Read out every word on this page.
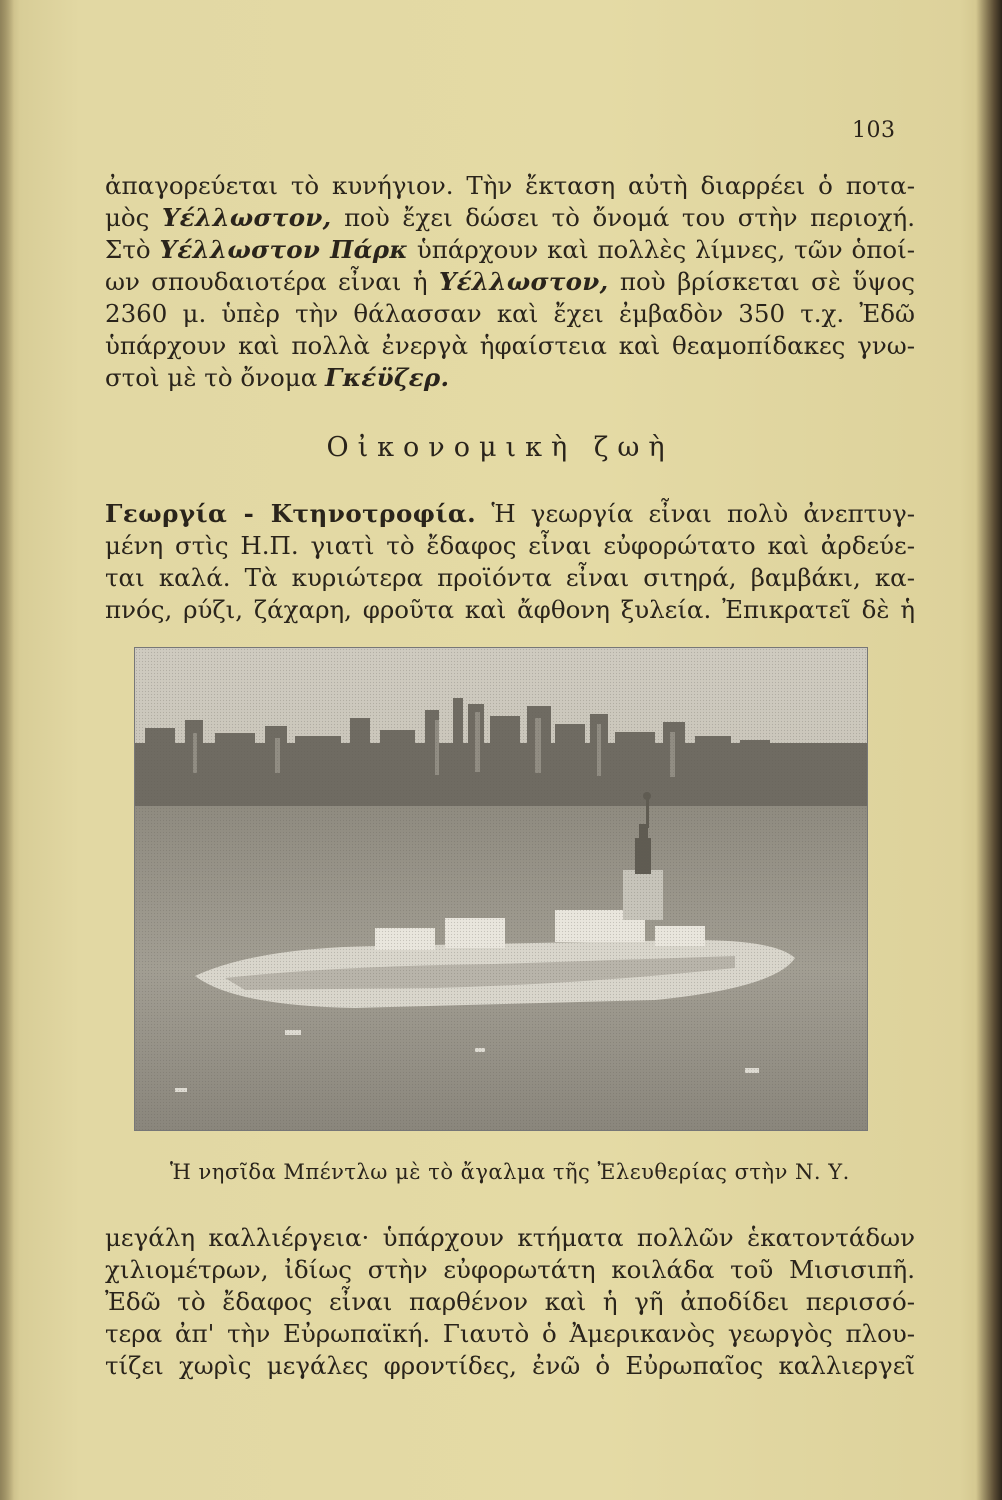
103
ἀπαγορεύεται τὸ κυνήγιον. Τὴν ἔκταση αὐτὴ διαρρέει ὁ ποτα-
μὸς Υέλλωστον, ποὺ ἔχει δώσει τὸ ὄνομά του στὴν περιοχή.
Στὸ Υέλλωστον Πάρκ ὑπάρχουν καὶ πολλὲς λίμνες, τῶν ὁποί-
ων σπουδαιοτέρα εἶναι ἡ Υέλλωστον, ποὺ βρίσκεται σὲ ὕψος
2360 μ. ὑπὲρ τὴν θάλασσαν καὶ ἔχει ἐμβαδὸν 350 τ.χ. Ἐδῶ
ὑπάρχουν καὶ πολλὰ ἐνεργὰ ἡφαίστεια καὶ θεαμοπίδακες γνω-
στοὶ μὲ τὸ ὄνομα Γκέϋζερ.
Οἰκονομικὴ ζωὴ
Γεωργία - Κτηνοτροφία. Ἡ γεωργία εἶναι πολὺ ἀνεπτυγ-
μένη στὶς Η.Π. γιατὶ τὸ ἔδαφος εἶναι εὐφορώτατο καὶ ἀρδεύε-
ται καλά. Τὰ κυριώτερα προϊόντα εἶναι σιτηρά, βαμβάκι, κα-
πνός, ρύζι, ζάχαρη, φροῦτα καὶ ἄφθονη ξυλεία. Ἐπικρατεῖ δὲ ἡ
Ἡ νησῖδα Μπέντλω μὲ τὸ ἄγαλμα τῆς Ἐλευθερίας στὴν Ν. Υ.
μεγάλη καλλιέργεια· ὑπάρχουν κτήματα πολλῶν ἑκατοντάδων
χιλιομέτρων, ἰδίως στὴν εὐφορωτάτη κοιλάδα τοῦ Μισισιπῆ.
Ἐδῶ τὸ ἔδαφος εἶναι παρθένον καὶ ἡ γῆ ἀποδίδει περισσό-
τερα ἀπ' τὴν Εὐρωπαϊκή. Γιαυτὸ ὁ Ἀμερικανὸς γεωργὸς πλου-
τίζει χωρὶς μεγάλες φροντίδες, ἐνῶ ὁ Εὐρωπαῖος καλλιεργεῖ
